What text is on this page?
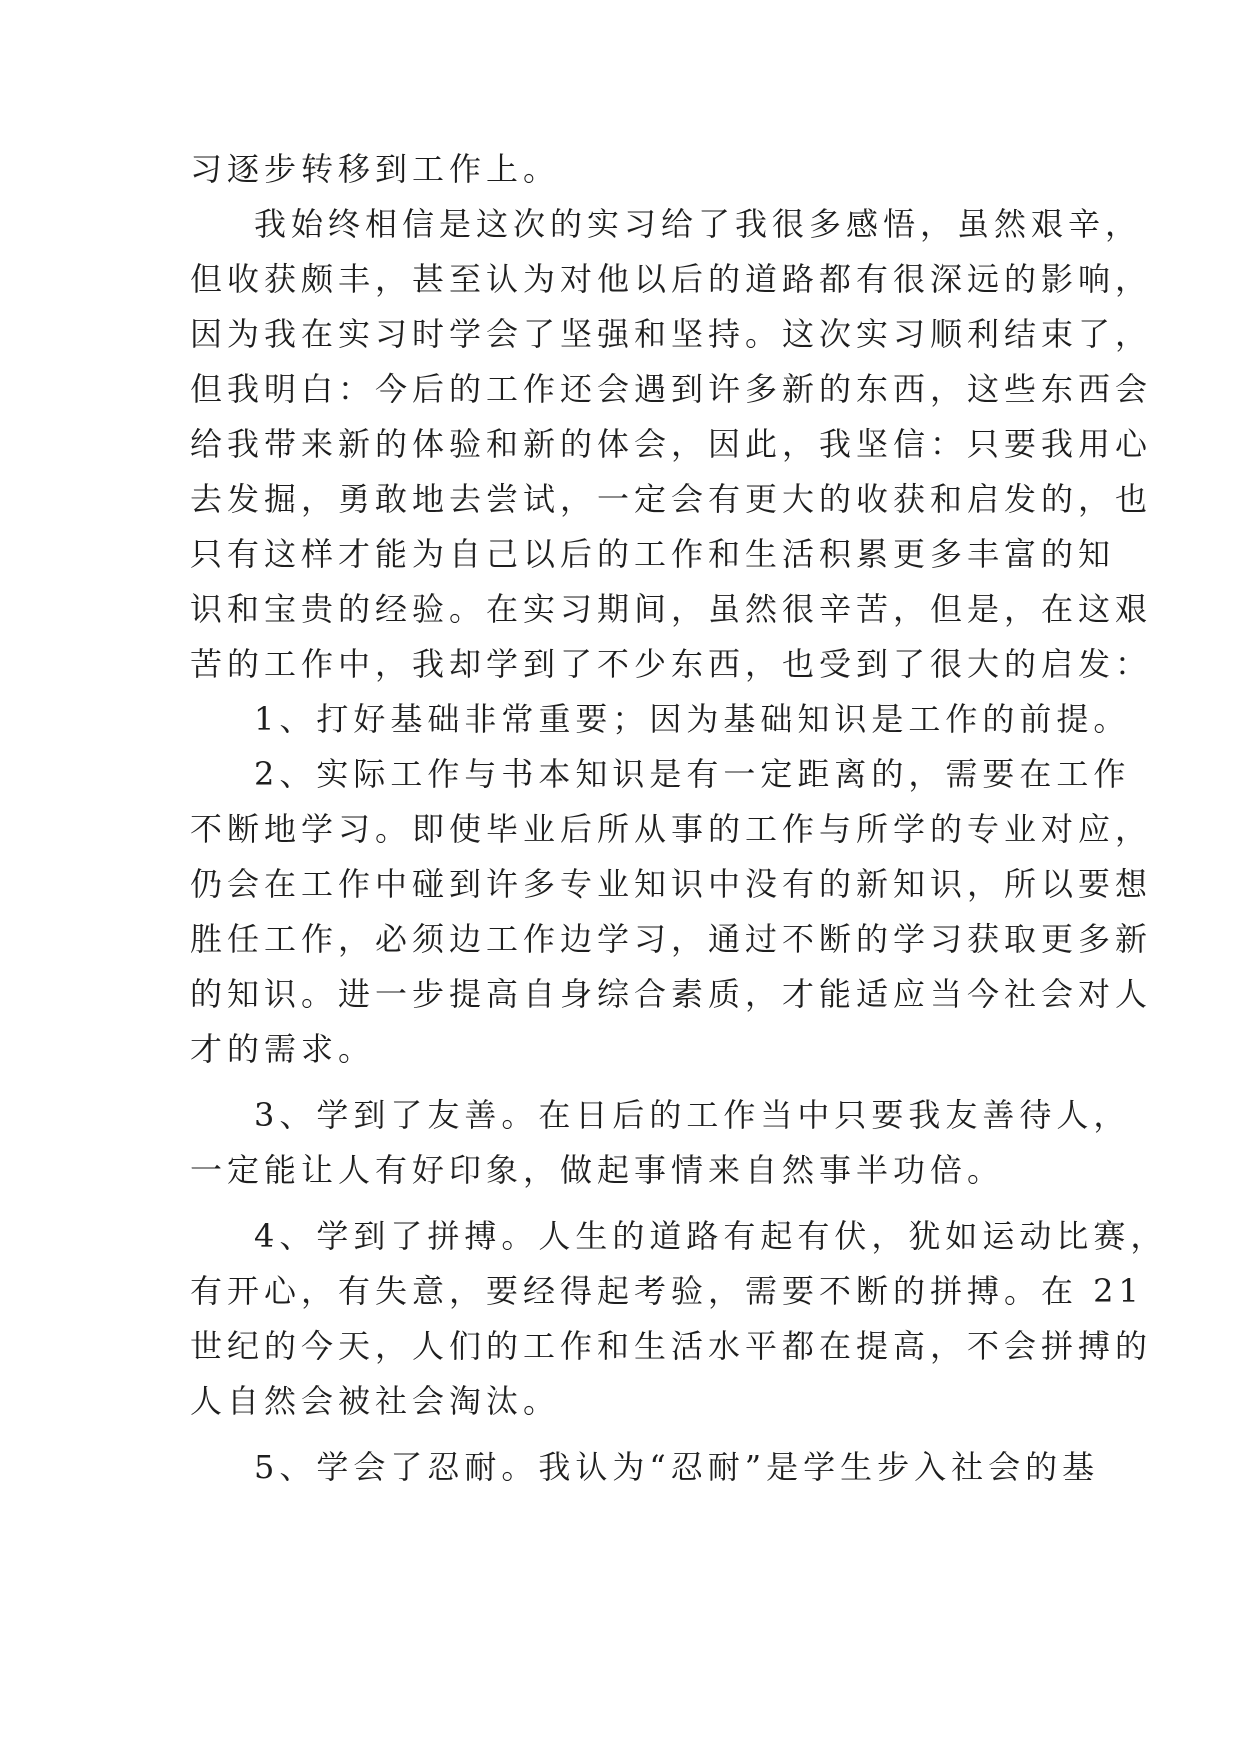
习逐步转移到工作上。

我始终相信是这次的实习给了我很多感悟，虽然艰辛，

但收获颇丰，甚至认为对他以后的道路都有很深远的影响，

因为我在实习时学会了坚强和坚持。这次实习顺利结束了，

但我明白：今后的工作还会遇到许多新的东西，这些东西会

给我带来新的体验和新的体会，因此，我坚信：只要我用心

去发掘，勇敢地去尝试，一定会有更大的收获和启发的，也

只有这样才能为自己以后的工作和生活积累更多丰富的知

识和宝贵的经验。在实习期间，虽然很辛苦，但是，在这艰

苦的工作中，我却学到了不少东西，也受到了很大的启发：

1、打好基础非常重要；因为基础知识是工作的前提。

2、实际工作与书本知识是有一定距离的，需要在工作

不断地学习。即使毕业后所从事的工作与所学的专业对应，

仍会在工作中碰到许多专业知识中没有的新知识，所以要想

胜任工作，必须边工作边学习，通过不断的学习获取更多新

的知识。进一步提高自身综合素质，才能适应当今社会对人

才的需求。

3、学到了友善。在日后的工作当中只要我友善待人，

一定能让人有好印象，做起事情来自然事半功倍。

4、学到了拼搏。人生的道路有起有伏，犹如运动比赛，

有开心，有失意，要经得起考验，需要不断的拼搏。在 21

世纪的今天，人们的工作和生活水平都在提高，不会拼搏的

人自然会被社会淘汰。

5、学会了忍耐。我认为“忍耐”是学生步入社会的基
